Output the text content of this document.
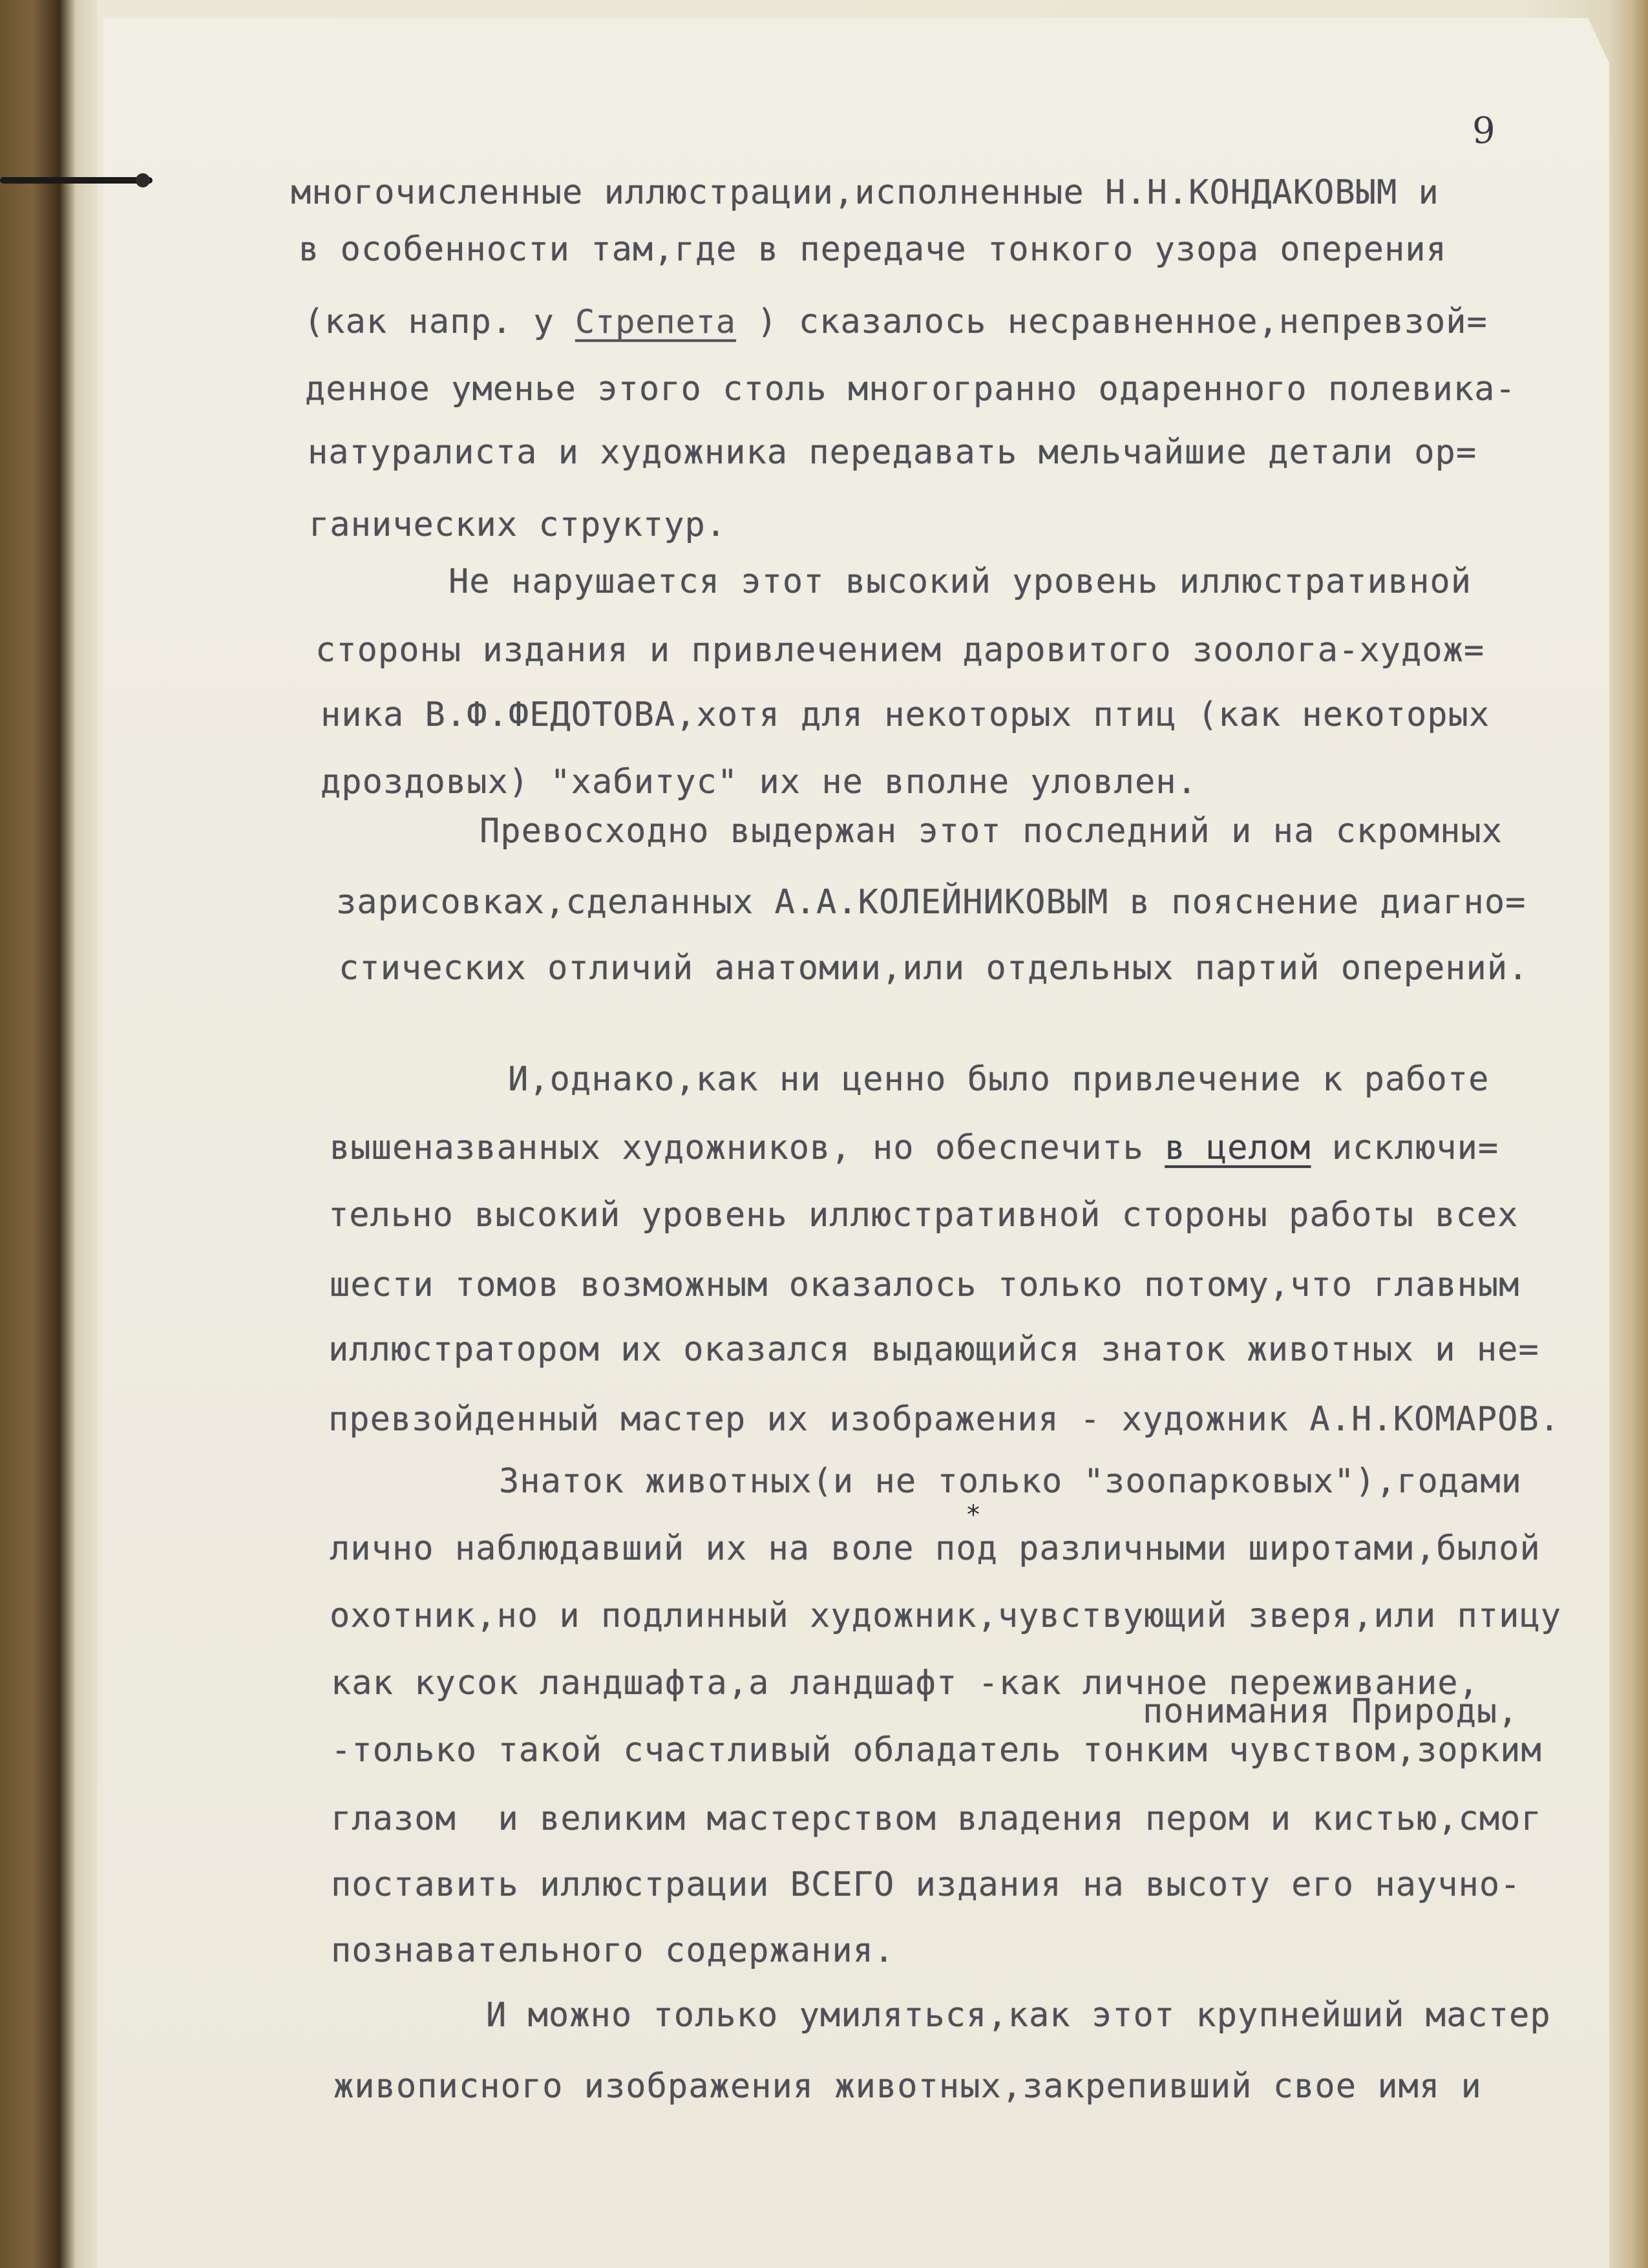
9
многочисленные иллюстрации,исполненные Н.Н.КОНДАКОВЫМ и
в особенности там,где в передаче тонкого узора оперения
(как напр. у Стрепета ) сказалось несравненное,непревзой=
денное уменье этого столь многогранно одаренного полевика-
натуралиста и художника передавать мельчайшие детали ор=
ганических структур.
Не нарушается этот высокий уровень иллюстративной
стороны издания и привлечением даровитого зоолога-худож=
ника В.Ф.ФЕДОТОВА,хотя для некоторых птиц (как некоторых
дроздовых) "хабитус" их не вполне уловлен.
Превосходно выдержан этот последний и на скромных
зарисовках,сделанных А.А.КОЛЕЙНИКОВЫМ в пояснение диагно=
стических отличий анатомии,или отдельных партий оперений.
И,однако,как ни ценно было привлечение к работе
вышеназванных художников, но обеспечить в целом исключи=
тельно высокий уровень иллюстративной стороны работы всех
шести томов возможным оказалось только потому,что главным
иллюстратором их оказался выдающийся знаток животных и не=
превзойденный мастер их изображения - художник А.Н.КОМАРОВ.
Знаток животных(и не только "зоопарковых"),годами
лично наблюдавший их на воле под различными широтами,былой
*
охотник,но и подлинный художник,чувствующий зверя,или птицу
как кусок ландшафта,а ландшафт -как личное переживание,
понимания Природы,
-только такой счастливый обладатель тонким чувством,зорким
глазом  и великим мастерством владения пером и кистью,смог
поставить иллюстрации ВСЕГО издания на высоту его научно-
познавательного содержания.
И можно только умиляться,как этот крупнейший мастер
живописного изображения животных,закрепивший свое имя и
